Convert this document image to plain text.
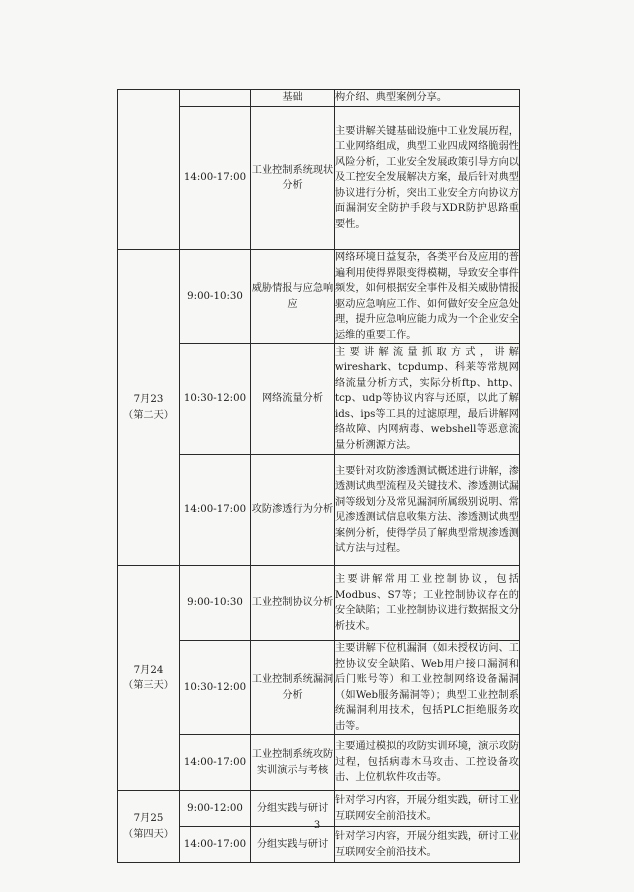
		基础	构介绍、典型案例分享。
	14:00-17:00	工业控制系统现状分析	主要讲解关键基础设施中工业发展历程，工业网络组成，典型工业四成网络脆弱性风险分析，工业安全发展政策引导方向以及工控安全发展解决方案，最后针对典型协议进行分析，突出工业安全方向协议方面漏洞安全防护手段与XDR防护思路重要性。

7月23
（第二天）	9:00-10:30	威胁情报与应急响应	网络环境日益复杂，各类平台及应用的普遍利用使得界限变得模糊，导致安全事件频发，如何根据安全事件及相关威胁情报驱动应急响应工作、如何做好安全应急处理，提升应急响应能力成为一个企业安全运维的重要工作。
	10:30-12:00	网络流量分析	主要讲解流量抓取方式，讲解wireshark、tcpdump、科莱等常规网络流量分析方式，实际分析ftp、http、tcp、udp等协议内容与还原，以此了解ids、ips等工具的过滤原理，最后讲解网络故障、内网病毒、webshell等恶意流量分析溯源方法。
	14:00-17:00	攻防渗透行为分析	主要针对攻防渗透测试概述进行讲解，渗透测试典型流程及关键技术、渗透测试漏洞等级划分及常见漏洞所属级别说明、常见渗透测试信息收集方法、渗透测试典型案例分析，使得学员了解典型常规渗透测试方法与过程。

7月24
（第三天）	9:00-10:30	工业控制协议分析	主要讲解常用工业控制协议，包括Modbus、S7等；工业控制协议存在的安全缺陷；工业控制协议进行数据报文分析技术。
	10:30-12:00	工业控制系统漏洞分析	主要讲解下位机漏洞（如未授权访问、工控协议安全缺陷、Web用户接口漏洞和后门账号等）和工业控制网络设备漏洞（如Web服务漏洞等）；典型工业控制系统漏洞利用技术，包括PLC拒绝服务攻击等。
	14:00-17:00	工业控制系统攻防实训演示与考核	主要通过模拟的攻防实训环境，演示攻防过程，包括病毒木马攻击、工控设备攻击、上位机软件攻击等。

7月25
（第四天）	9:00-12:00	分组实践与研讨	针对学习内容，开展分组实践，研讨工业互联网安全前沿技术。
	14:00-17:00	分组实践与研讨	针对学习内容，开展分组实践，研讨工业互联网安全前沿技术。
3
